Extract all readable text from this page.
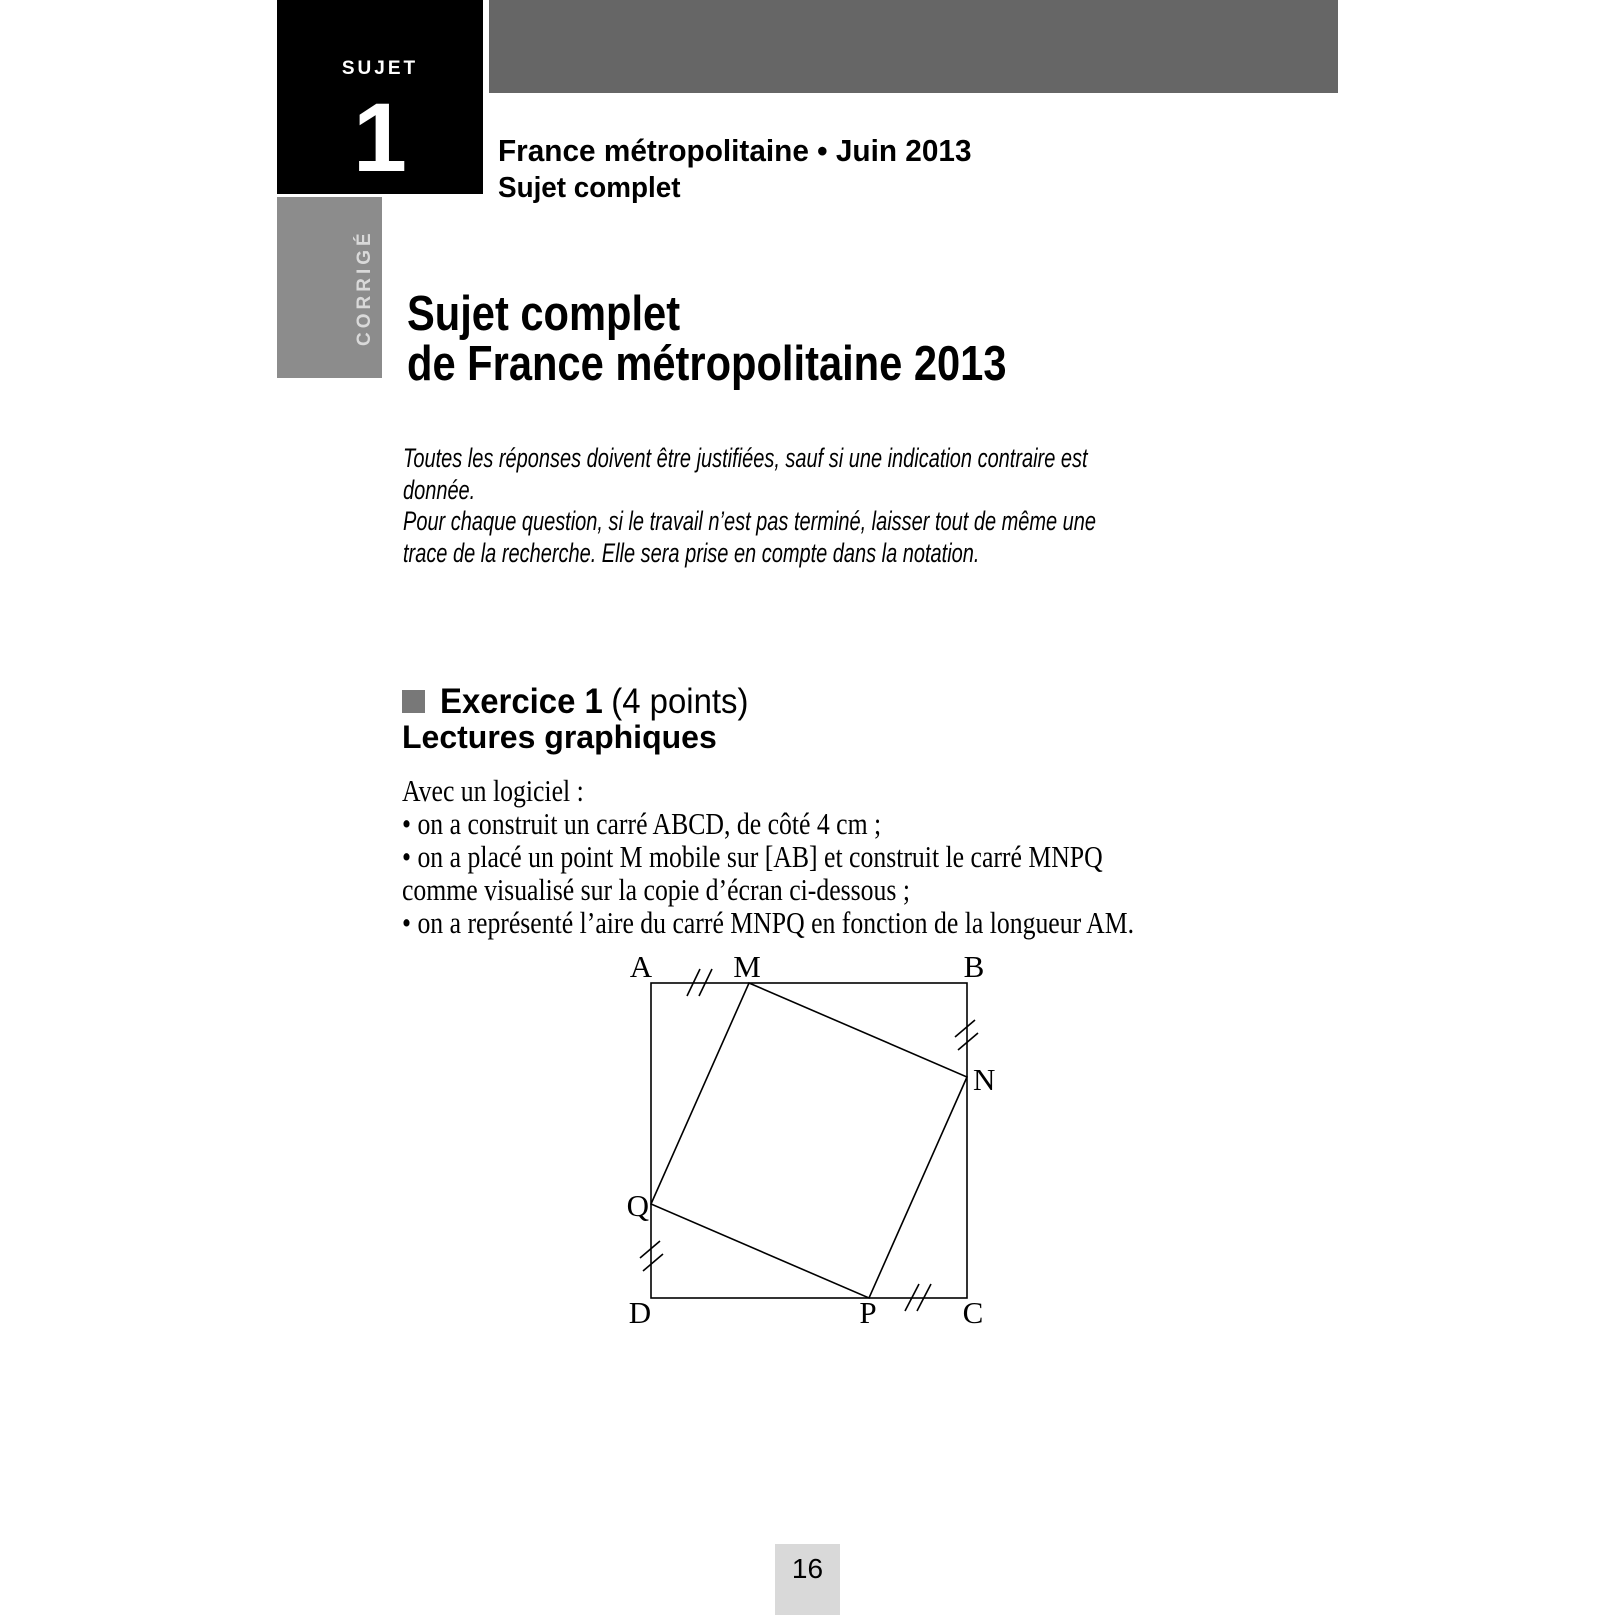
SUJET
1
CORRIGÉ
France métropolitaine • Juin 2013
Sujet complet
Sujet complet
de France métropolitaine 2013
Toutes les réponses doivent être justifiées, sauf si une indication contraire est
donnée.
Pour chaque question, si le travail n’est pas terminé, laisser tout de même une
trace de la recherche. Elle sera prise en compte dans la notation.
Exercice 1 (4 points)
Lectures graphiques
Avec un logiciel :
• on a construit un carré ABCD, de côté 4 cm ;
• on a placé un point M mobile sur [AB] et construit le carré MNPQ
comme visualisé sur la copie d’écran ci-dessous ;
• on a représenté l’aire du carré MNPQ en fonction de la longueur AM.
A	M	B
N
Q
D	P	C
16
